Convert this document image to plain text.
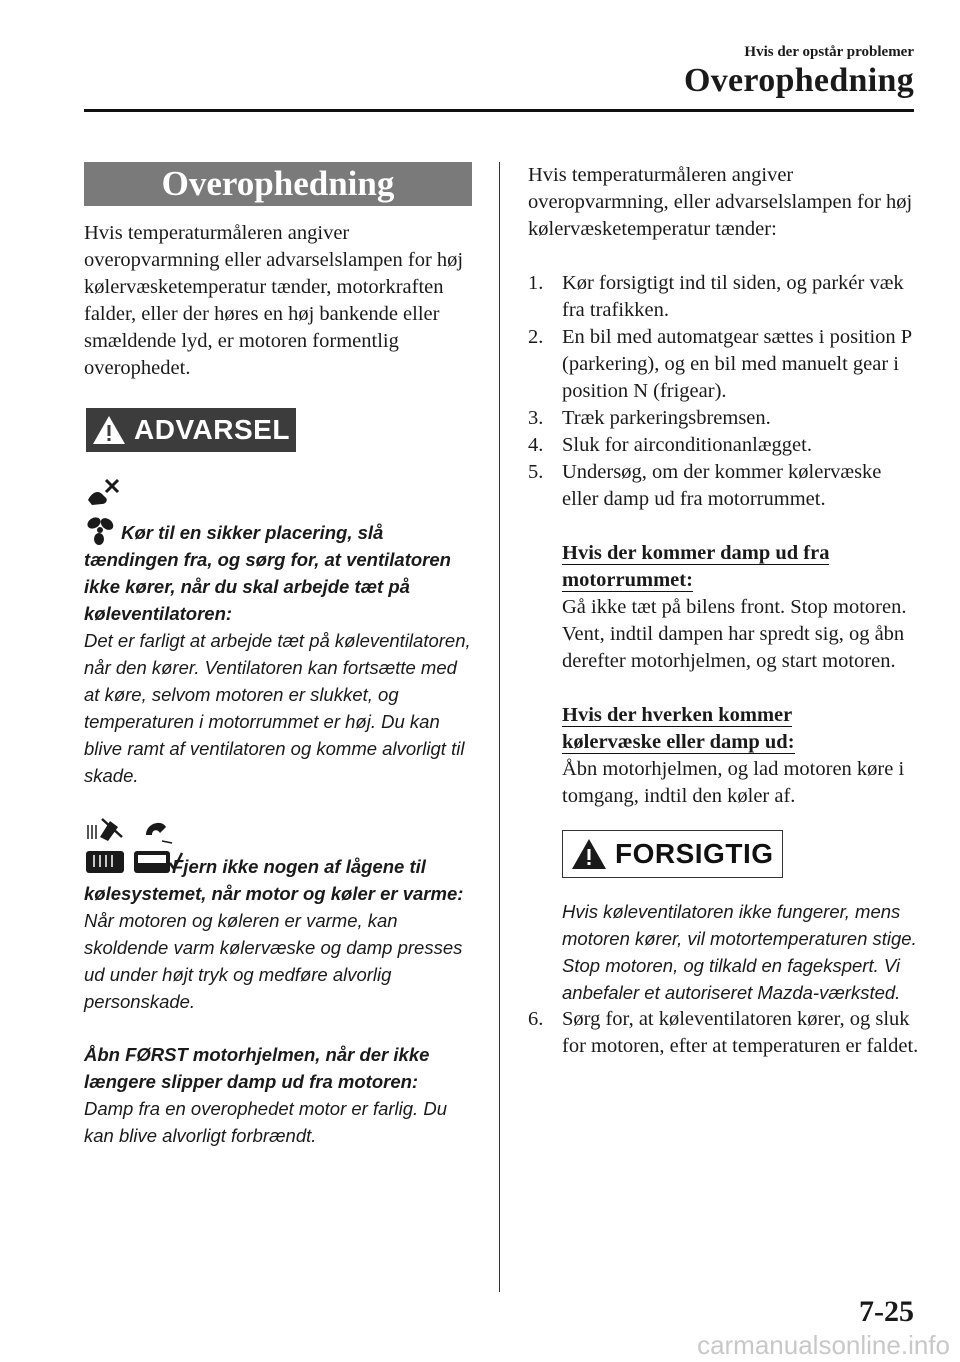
Hvis der opstår problemer
Overophedning
Overophedning

Hvis temperaturmåleren angiver overopvarmning eller advarselslampen for høj kølervæsketemperatur tænder, motorkraften falder, eller der høres en høj bankende eller smældende lyd, er motoren formentlig overophedet.

ADVARSEL

Kør til en sikker placering, slå tændingen fra, og sørg for, at ventilatoren ikke kører, når du skal arbejde tæt på køleventilatoren:

Det er farligt at arbejde tæt på køleventilatoren, når den kører. Ventilatoren kan fortsætte med at køre, selvom motoren er slukket, og temperaturen i motorrummet er høj. Du kan blive ramt af ventilatoren og komme alvorligt til skade.

Fjern ikke nogen af lågene til

kølesystemet, når motor og køler er varme:

Når motoren og køleren er varme, kan skoldende varm kølervæske og damp presses ud under højt tryk og medføre alvorlig personskade.

Åbn FØRST motorhjelmen, når der ikke længere slipper damp ud fra motoren:

Damp fra en overophedet motor er farlig. Du kan blive alvorligt forbrændt.

Hvis temperaturmåleren angiver overopvarmning, eller advarselslampen for høj kølervæsketemperatur tænder:

1. Kør forsigtigt ind til siden, og parkér væk fra trafikken.
2. En bil med automatgear sættes i position P (parkering), og en bil med manuelt gear i position N (frigear).
3. Træk parkeringsbremsen.
4. Sluk for airconditionanlægget.
5. Undersøg, om der kommer kølervæske eller damp ud fra motorrummet.

Hvis der kommer damp ud fra

motorrummet:

Gå ikke tæt på bilens front. Stop motoren. Vent, indtil dampen har spredt sig, og åbn derefter motorhjelmen, og start motoren.

Hvis der hverken kommer

kølervæske eller damp ud:

Åbn motorhjelmen, og lad motoren køre i tomgang, indtil den køler af.

FORSIGTIG

Hvis køleventilatoren ikke fungerer, mens motoren kører, vil motortemperaturen stige. Stop motoren, og tilkald en fagekspert. Vi anbefaler et autoriseret Mazda-værksted.

6. Sørg for, at køleventilatoren kører, og sluk for motoren, efter at temperaturen er faldet.
7-25
carmanualsonline.info
